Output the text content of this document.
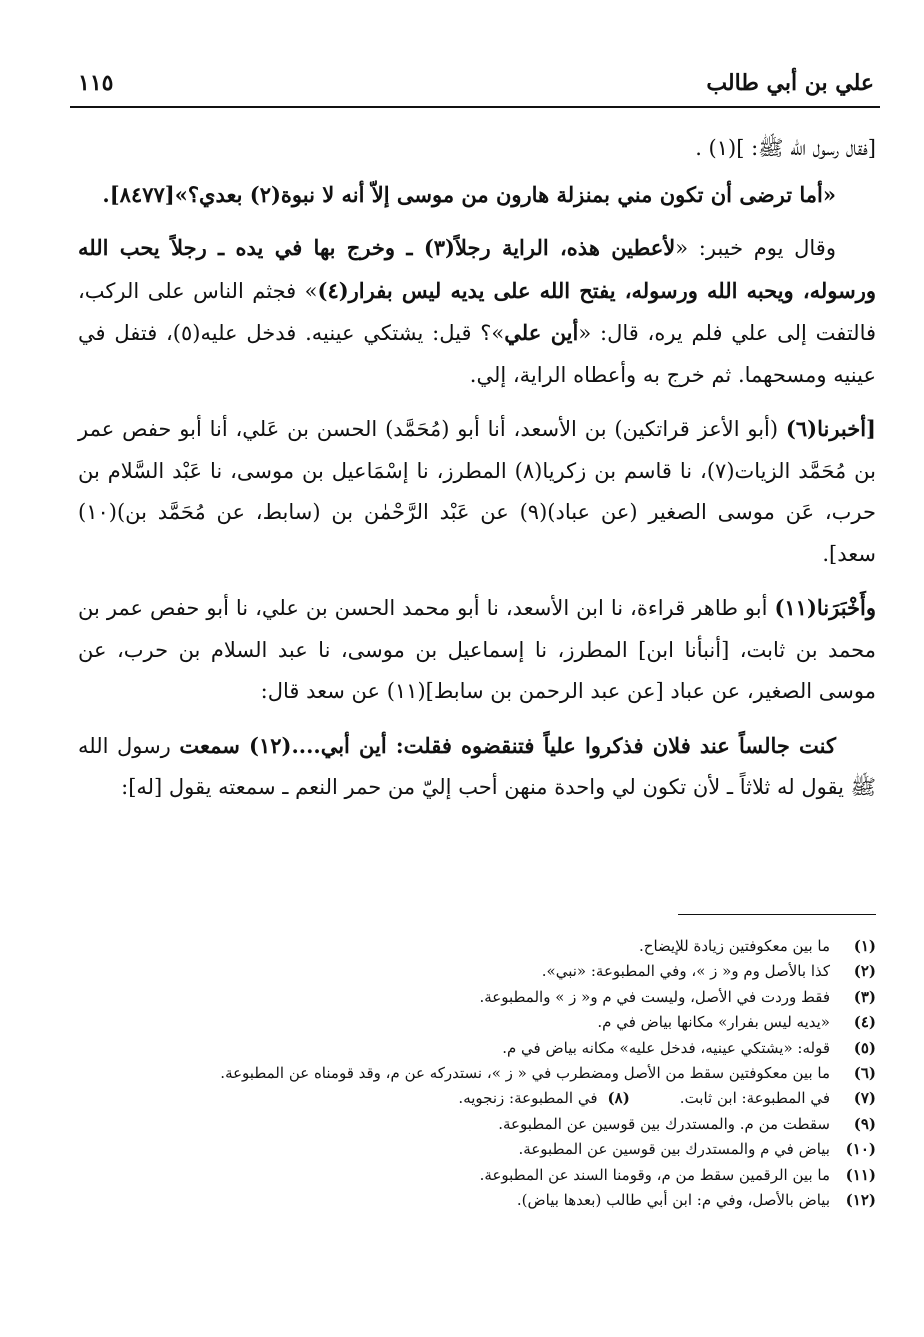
علي بن أبي طالب
١١٥

[فقال رسول الله ﷺ: ](١) .

«أما ترضى أن تكون مني بمنزلة هارون من موسى إلاّ أنه لا نبوة(٢) بعدي؟»[٨٤٧٧].

وقال يوم خيبر: «لأعطين هذه، الراية رجلاً(٣) ـ وخرج بها في يده ـ رجلاً يحب الله ورسوله، ويحبه الله ورسوله، يفتح الله على يديه ليس بفرار(٤)» فجثم الناس على الركب، فالتفت إلى علي فلم يره، قال: «أين علي»؟ قيل: يشتكي عينيه. فدخل عليه(٥)، فتفل في عينيه ومسحهما. ثم خرج به وأعطاه الراية، إلي.

[أخبرنا(٦) (أبو الأعز قراتكين) بن الأسعد، أنا أبو (مُحَمَّد) الحسن بن عَلي، أنا أبو حفص عمر بن مُحَمَّد الزيات(٧)، نا قاسم بن زكريا(٨) المطرز، نا إسْمَاعيل بن موسى، نا عَبْد السَّلام بن حرب، عَن موسى الصغير (عن عباد)(٩) عن عَبْد الرَّحْمٰن بن (سابط، عن مُحَمَّد بن)(١٠) سعد].

وأَخْبَرَنا(١١) أبو طاهر قراءة، نا ابن الأسعد، نا أبو محمد الحسن بن علي، نا أبو حفص عمر بن محمد بن ثابت، [أنبأنا ابن] المطرز، نا إسماعيل بن موسى، نا عبد السلام بن حرب، عن موسى الصغير، عن عباد [عن عبد الرحمن بن سابط](١١) عن سعد قال:

كنت جالساً عند فلان فذكروا علياً فتنقضوه فقلت: أين أبي....(١٢) سمعت رسول الله ﷺ يقول له ثلاثاً ـ لأن تكون لي واحدة منهن أحب إليّ من حمر النعم ـ سمعته يقول [له]:

(١)
ما بين معكوفتين زيادة للإيضاح.
(٢)
كذا بالأصل وم و« ز »، وفي المطبوعة: «نبي».
(٣)
فقط وردت في الأصل، وليست في م و« ز » والمطبوعة.
(٤)
«يديه ليس بفرار» مكانها بياض في م.
(٥)
قوله: «يشتكي عينيه، فدخل عليه» مكانه بياض في م.
(٦)
ما بين معكوفتين سقط من الأصل ومضطرب في « ز »، نستدركه عن م، وقد قومناه عن المطبوعة.
(٧)
في المطبوعة: ابن ثابت.(٨)في المطبوعة: زنجويه.
(٩)
سقطت من م. والمستدرك بين قوسين عن المطبوعة.
(١٠)
بياض في م والمستدرك بين قوسين عن المطبوعة.
(١١)
ما بين الرقمين سقط من م، وقومنا السند عن المطبوعة.
(١٢)
بياض بالأصل، وفي م: ابن أبي طالب (بعدها بياض).
